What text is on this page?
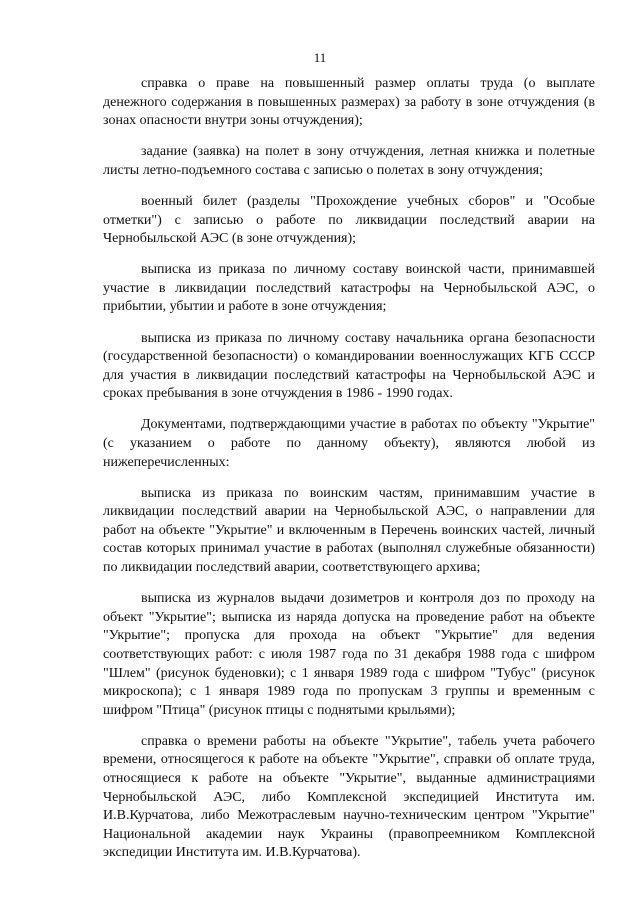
11

справка о праве на повышенный размер оплаты труда (о выплате денежного содержания в повышенных размерах) за работу в зоне отчуждения (в зонах опасности внутри зоны отчуждения);

задание (заявка) на полет в зону отчуждения, летная книжка и полетные листы летно-подъемного состава с записью о полетах в зону отчуждения;

военный билет (разделы "Прохождение учебных сборов" и "Особые отметки") с записью о работе по ликвидации последствий аварии на Чернобыльской АЭС (в зоне отчуждения);

выписка из приказа по личному составу воинской части, принимавшей участие в ликвидации последствий катастрофы на Чернобыльской АЭС, о прибытии, убытии и работе в зоне отчуждения;

выписка из приказа по личному составу начальника органа безопасности (государственной безопасности) о командировании военнослужащих КГБ СССР для участия в ликвидации последствий катастрофы на Чернобыльской АЭС и сроках пребывания в зоне отчуждения в 1986 - 1990 годах.

Документами, подтверждающими участие в работах по объекту "Укрытие" (с указанием о работе по данному объекту), являются любой из нижеперечисленных:

выписка из приказа по воинским частям, принимавшим участие в ликвидации последствий аварии на Чернобыльской АЭС, о направлении для работ на объекте "Укрытие" и включенным в Перечень воинских частей, личный состав которых принимал участие в работах (выполнял служебные обязанности) по ликвидации последствий аварии, соответствующего архива;

выписка из журналов выдачи дозиметров и контроля доз по проходу на объект "Укрытие"; выписка из наряда допуска на проведение работ на объекте "Укрытие"; пропуска для прохода на объект "Укрытие" для ведения соответствующих работ: с июля 1987 года по 31 декабря 1988 года с шифром "Шлем" (рисунок буденовки); с 1 января 1989 года с шифром "Тубус" (рисунок микроскопа); с 1 января 1989 года по пропускам 3 группы и временным с шифром "Птица" (рисунок птицы с поднятыми крыльями);

справка о времени работы на объекте "Укрытие", табель учета рабочего времени, относящегося к работе на объекте "Укрытие", справки об оплате труда, относящиеся к работе на объекте "Укрытие", выданные администрациями Чернобыльской АЭС, либо Комплексной экспедицией Института им. И.В.Курчатова, либо Межотраслевым научно-техническим центром "Укрытие" Национальной академии наук Украины (правопреемником Комплексной экспедиции Института им. И.В.Курчатова).
